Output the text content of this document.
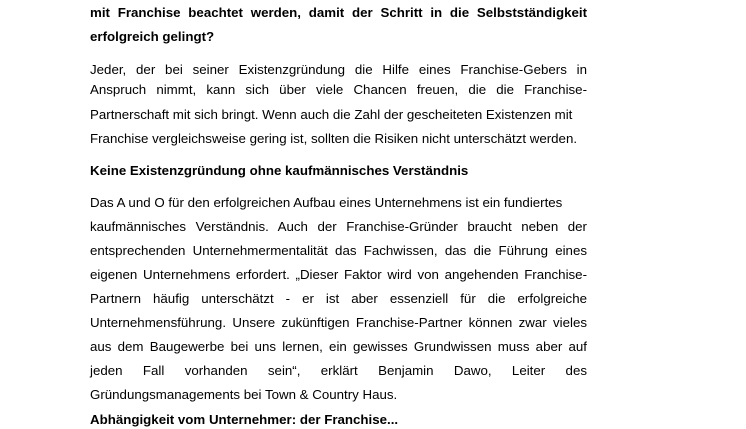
mit Franchise beachtet werden, damit der Schritt in die Selbstständigkeit
erfolgreich gelingt?
Jeder, der bei seiner Existenzgründung die Hilfe eines Franchise-Gebers in
Anspruch nimmt, kann sich über viele Chancen freuen, die die Franchise-
Partnerschaft mit sich bringt. Wenn auch die Zahl der gescheiteten Existenzen mit
Franchise vergleichsweise gering ist, sollten die Risiken nicht unterschätzt werden.
Keine Existenzgründung ohne kaufmännisches Verständnis
Das A und O für den erfolgreichen Aufbau eines Unternehmens ist ein fundiertes
kaufmännisches Verständnis. Auch der Franchise-Gründer braucht neben der
entsprechenden Unternehmermentalität das Fachwissen, das die Führung eines
eigenen Unternehmens erfordert. „Dieser Faktor wird von angehenden Franchise-
Partnern häufig unterschätzt - er ist aber essenziell für die erfolgreiche
Unternehmensführung. Unsere zukünftigen Franchise-Partner können zwar vieles
aus dem Baugewerbe bei uns lernen, ein gewisses Grundwissen muss aber auf
jeden Fall vorhanden sein“, erklärt Benjamin Dawo, Leiter des
Gründungsmanagements bei Town & Country Haus.
Abhängigkeit vom Unternehmer: der Franchise...
